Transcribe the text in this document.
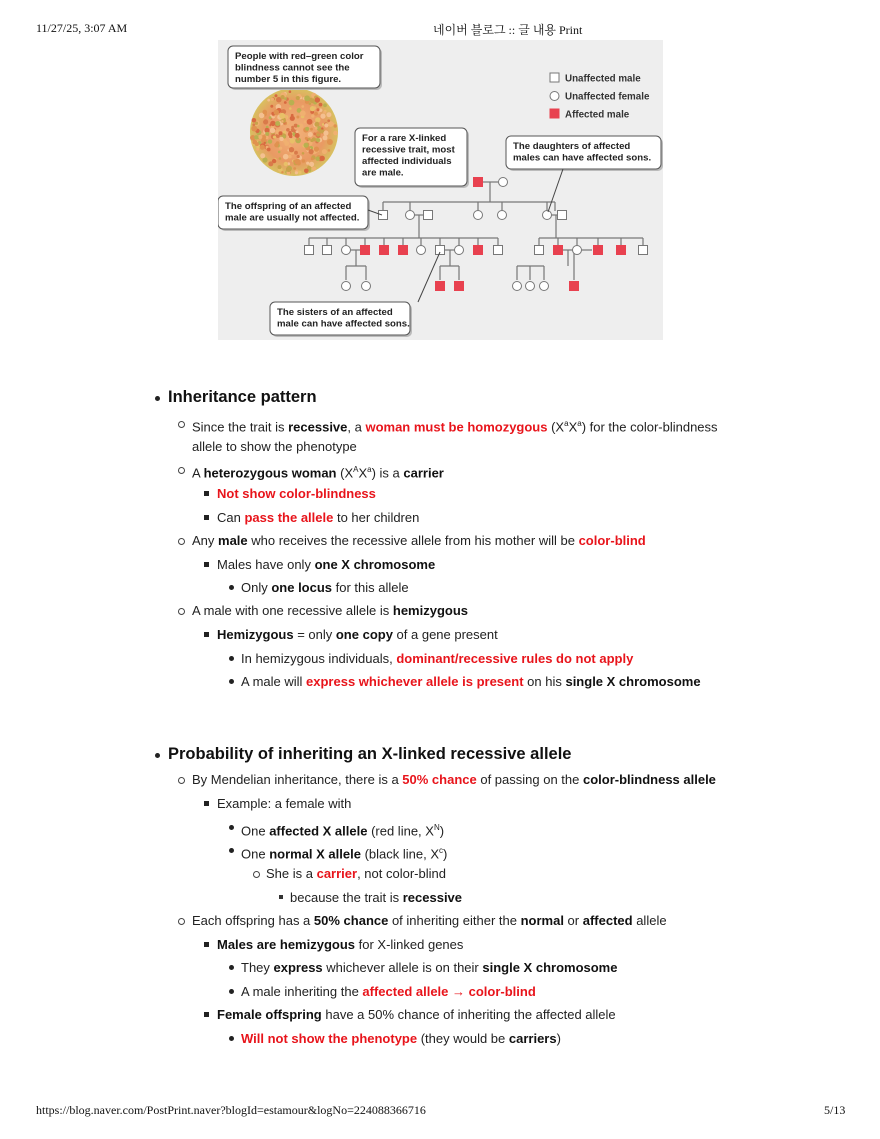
11/27/25, 3:07 AM	네이버 블로그 :: 글 내용 Print
People with red–green color
blindness cannot see the
number 5 in this figure.
For a rare X-linked
recessive trait, most
affected individuals
are male.
The daughters of affected
males can have affected sons.
The offspring of an affected
male are usually not affected.
The sisters of an affected
male can have affected sons.
Unaffected male
Unaffected female
Affected male
Inheritance pattern
Since the trait is recessive, a woman must be homozygous $(X^aX^a)$ for the color-blindness
allele to show the phenotype
A heterozygous woman $(X^AX^a)$ is a carrier
Not show color-blindness
Can pass the allele to her children
Any male who receives the recessive allele from his mother will be color-blind
Males have only one X chromosome
Only one locus for this allele
A male with one recessive allele is hemizygous
Hemizygous = only one copy of a gene present
In hemizygous individuals, dominant/recessive rules do not apply
A male will express whichever allele is present on his single X chromosome
Probability of inheriting an X-linked recessive allele
By Mendelian inheritance, there is a 50% chance of passing on the color-blindness allele
Example: a female with
One affected X allele (red line, $X^N$)
One normal X allele (black line, $X^c$)
She is a carrier, not color-blind
because the trait is recessive
Each offspring has a 50% chance of inheriting either the normal or affected allele
Males are hemizygous for X-linked genes
They express whichever allele is on their single X chromosome
A male inheriting the affected allele → color-blind
Female offspring have a 50% chance of inheriting the affected allele
Will not show the phenotype (they would be carriers)
https://blog.naver.com/PostPrint.naver?blogId=estamour&logNo=224088366716	5/13
